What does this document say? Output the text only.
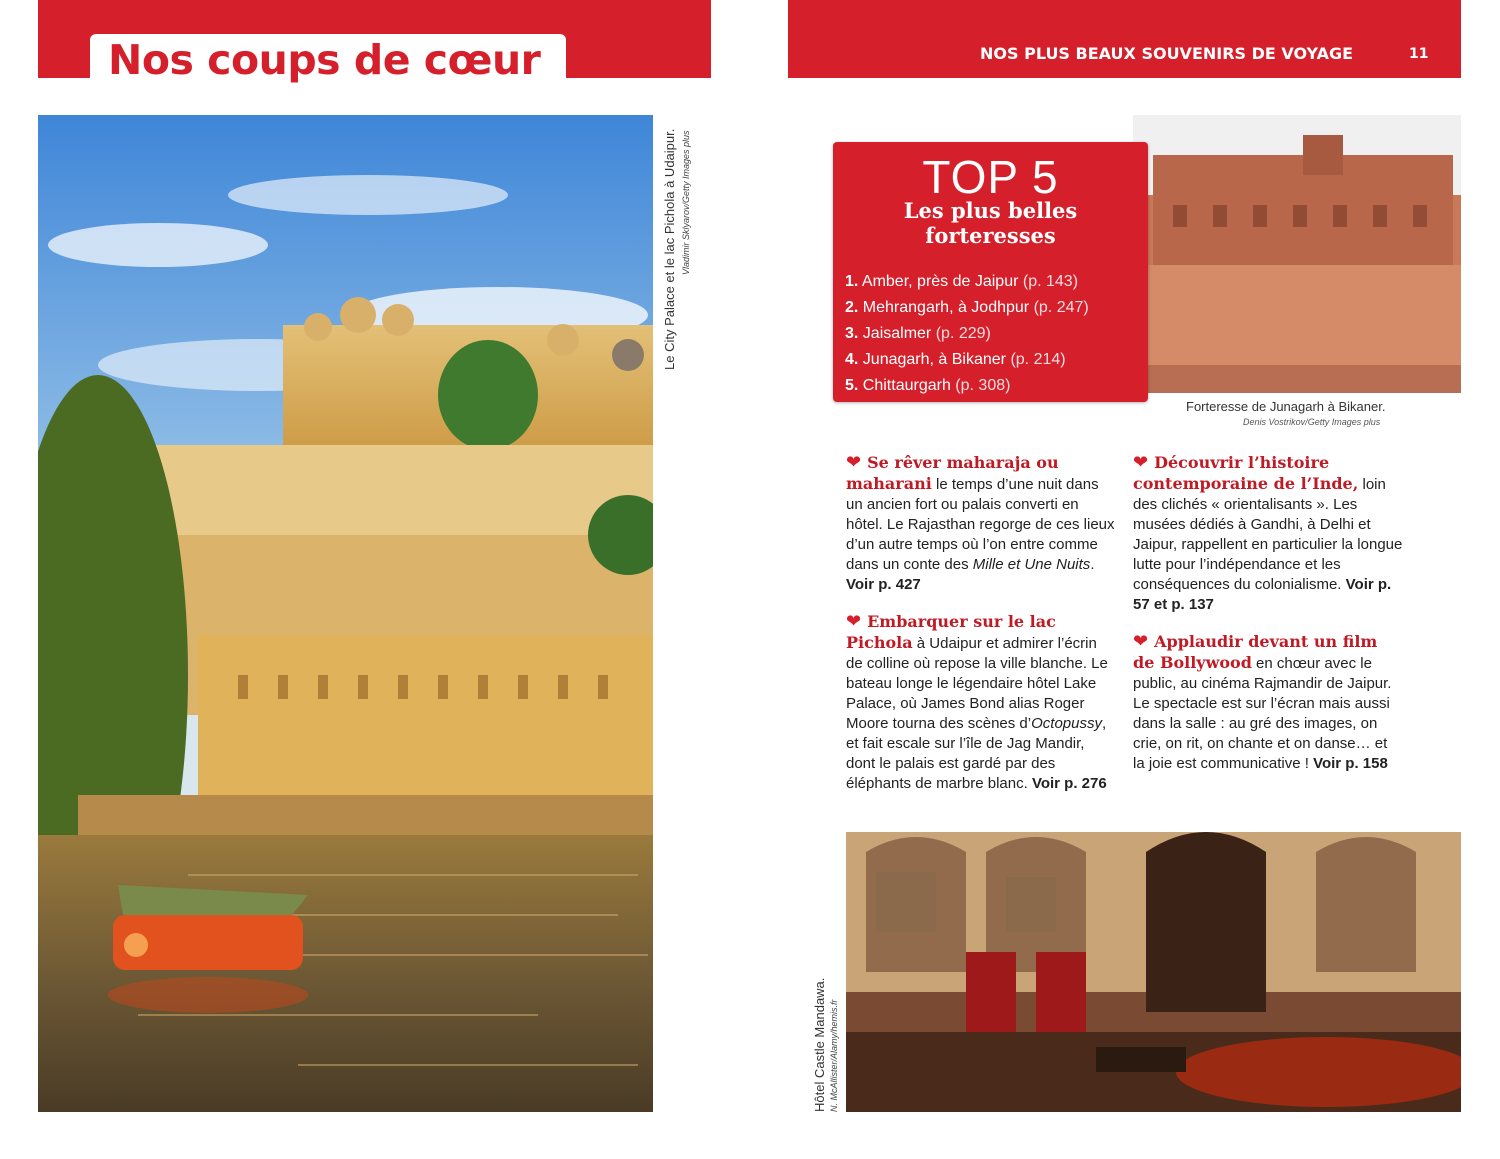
Nos coups de cœur	NOS PLUS BEAUX SOUVENIRS DE VOYAGE	11
Le City Palace et le lac Pichola à Udaipur. Vladimir Sklyarov/Getty Images plus	TOP 5
Les plus belles
forteresses
1. Amber, près de Jaipur (p. 143)
2. Mehrangarh, à Jodhpur (p. 247)
3. Jaisalmer (p. 229)
4. Junagarh, à Bikaner (p. 214)
5. Chittaurgarh (p. 308)
Forteresse de Junagarh à Bikaner.
Denis Vostrikov/Getty Images plus

❤ Se rêver maharaja ou maharani le temps d’une nuit dans un ancien fort ou palais converti en hôtel. Le Rajasthan regorge de ces lieux d’un autre temps où l’on entre comme dans un conte des Mille et Une Nuits. Voir p. 427

❤ Embarquer sur le lac Pichola à Udaipur et admirer l’écrin de colline où repose la ville blanche. Le bateau longe le légendaire hôtel Lake Palace, où James Bond alias Roger Moore tourna des scènes d’Octopussy, et fait escale sur l’île de Jag Mandir, dont le palais est gardé par des éléphants de marbre blanc. Voir p. 276

❤ Découvrir l’histoire contemporaine de l’Inde, loin des clichés « orientalisants ». Les musées dédiés à Gandhi, à Delhi et Jaipur, rappellent en particulier la longue lutte pour l’indépendance et les conséquences du colonialisme. Voir p. 57 et p. 137

❤ Applaudir devant un film de Bollywood en chœur avec le public, au cinéma Rajmandir de Jaipur. Le spectacle est sur l’écran mais aussi dans la salle : au gré des images, on crie, on rit, on chante et on danse… et la joie est communicative ! Voir p. 158

Hôtel Castle Mandawa. N. McAllister/Alamy/hemis.fr
